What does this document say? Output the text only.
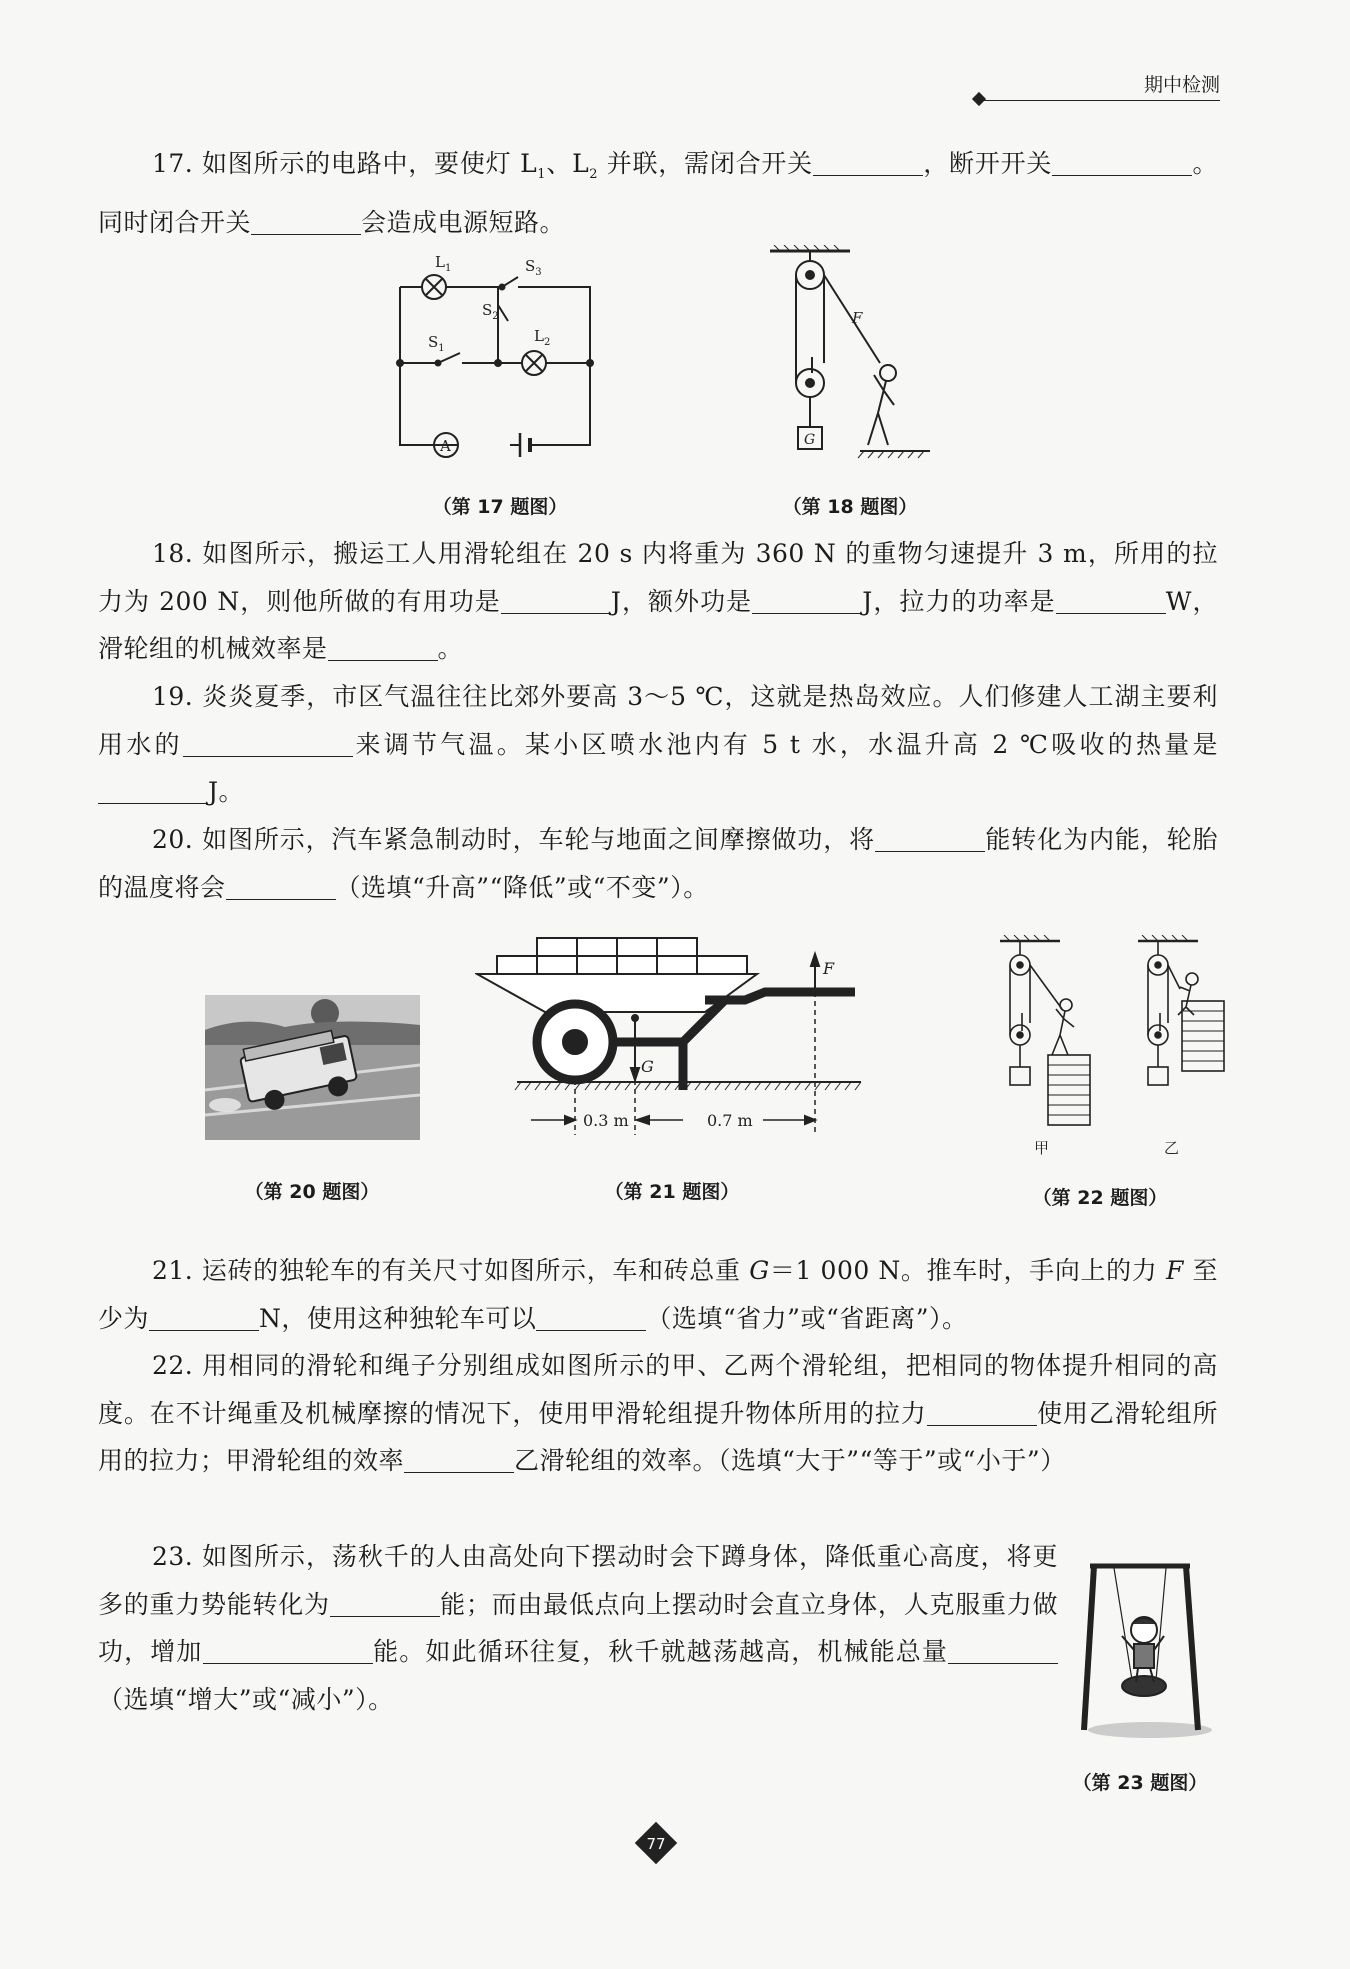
期中检测

17. 如图所示的电路中，要使灯 $L_1$、$L_2$ 并联，需闭合开关	，断开开关	。同时闭合开关	会造成电源短路。

$L_1$	$S_3$
$S_2$
$S_1$
$L_2$
A
（第 17 题图）
F
G
（第 18 题图）

18. 如图所示，搬运工人用滑轮组在 20 s 内将重为 360 N 的重物匀速提升 3 m，所用的拉力为 200 N，则他所做的有用功是	J，额外功是	J，拉力的功率是	W，滑轮组的机械效率是	。

19. 炎炎夏季，市区气温往往比郊外要高 3～5 ℃，这就是热岛效应。人们修建人工湖主要利用水的	来调节气温。某小区喷水池内有 5 t 水，水温升高 2 ℃吸收的热量是J。

20. 如图所示，汽车紧急制动时，车轮与地面之间摩擦做功，将	能转化为内能，轮胎的温度将会	（选填“升高”“降低”或“不变”）。

（第 20 题图）
F
G
0.3 m	0.7 m
（第 21 题图）
甲	乙
（第 22 题图）

21. 运砖的独轮车的有关尺寸如图所示，车和砖总重 G＝1 000 N。推车时，手向上的力 F 至少为	N，使用这种独轮车可以	（选填“省力”或“省距离”）。

22. 用相同的滑轮和绳子分别组成如图所示的甲、乙两个滑轮组，把相同的物体提升相同的高度。在不计绳重及机械摩擦的情况下，使用甲滑轮组提升物体所用的拉力	使用乙滑轮组所用的拉力；甲滑轮组的效率	乙滑轮组的效率。（选填“大于”“等于”或“小于”）

23. 如图所示，荡秋千的人由高处向下摆动时会下蹲身体，降低重心高度，将更多的重力势能转化为	能；而由最低点向上摆动时会直立身体，人克服重力做功，增加	能。如此循环往复，秋千就越荡越高，机械能总量（选填“增大”或“减小”）。

（第 23 题图）
77
